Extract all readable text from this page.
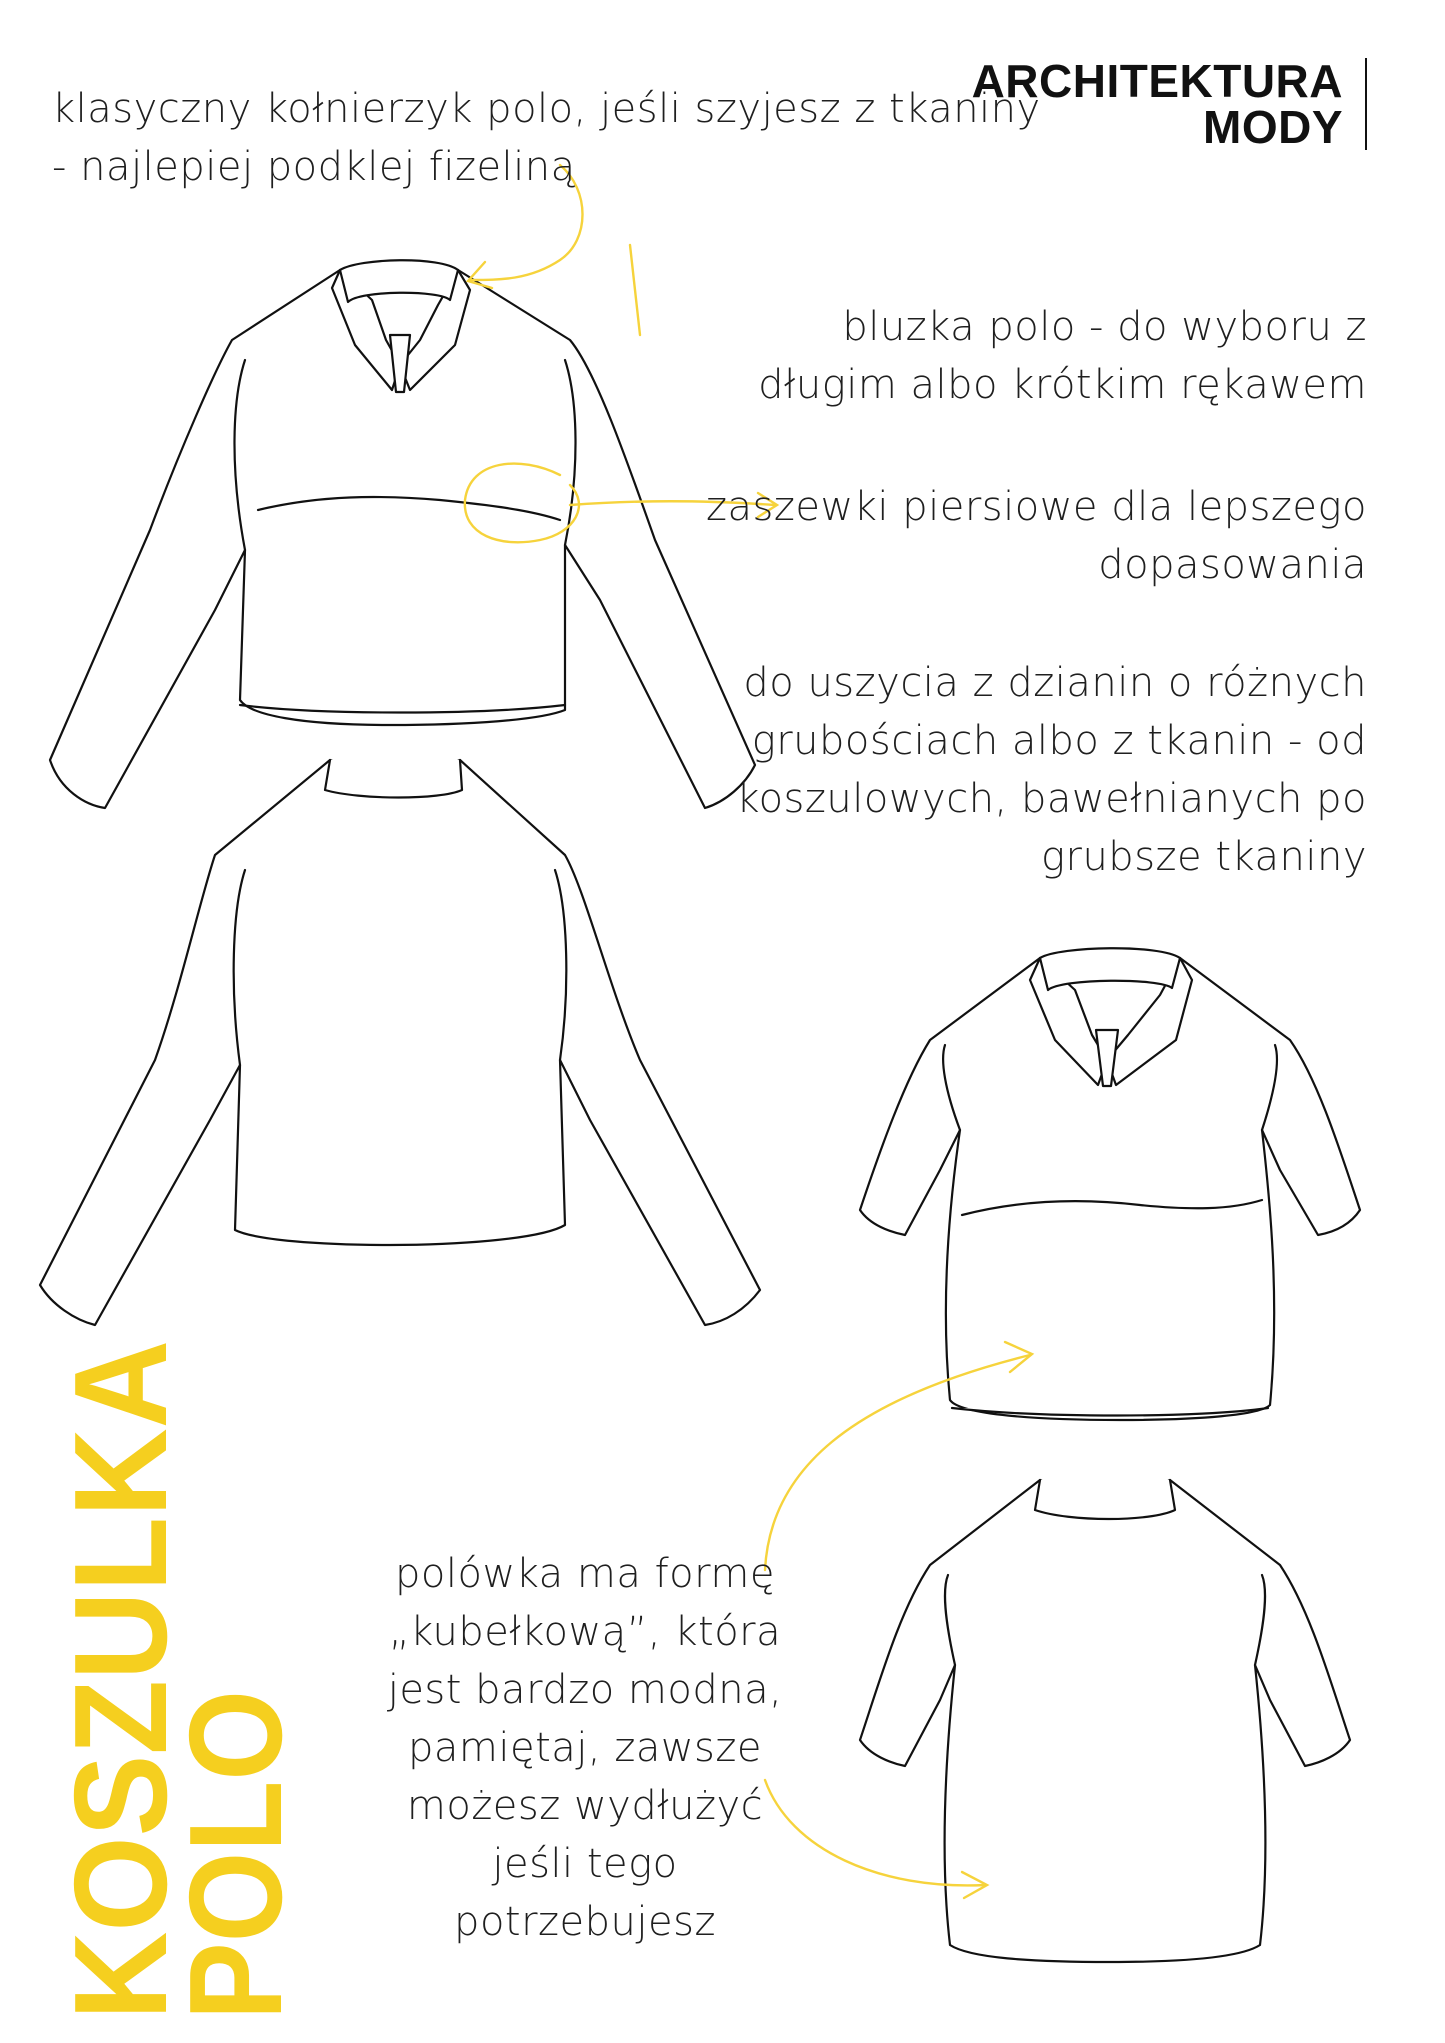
ARCHITEKTURA
MODY
klasyczny kołnierzyk polo, jeśli szyjesz z tkaniny
- najlepiej podklej fizeliną
bluzka polo - do wyboru z
długim albo krótkim rękawem
zaszewki piersiowe dla lepszego
dopasowania
do uszycia z dzianin o różnych
grubościach albo z tkanin - od
koszulowych, bawełnianych po
grubsze tkaniny
polówka ma formę
„kubełkową”, która
jest bardzo modna,
pamiętaj, zawsze
możesz wydłużyć
jeśli tego
potrzebujesz
KOSZULKA
POLO
